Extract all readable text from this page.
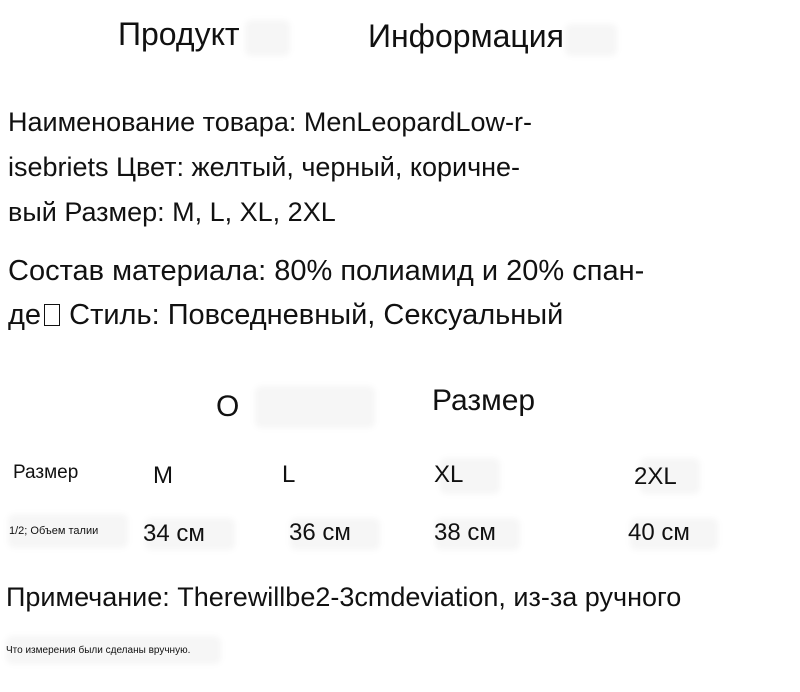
Продукт	Информация
Наименование товара: MenLeopardLow-r-
isebriets Цвет: желтый, черный, коричне-
вый Размер: M, L, XL, 2XL
Состав материала: 80% полиамид и 20% спан-
де Стиль: Повседневный, Сексуальный
О	Размер
Размер	M	L	XL	2XL
1/2; Объем талии 34 см	36 см	38 см	40 см
Примечание: Therewillbe2-3cmdeviation, из-за ручного
Что измерения были сделаны вручную.
